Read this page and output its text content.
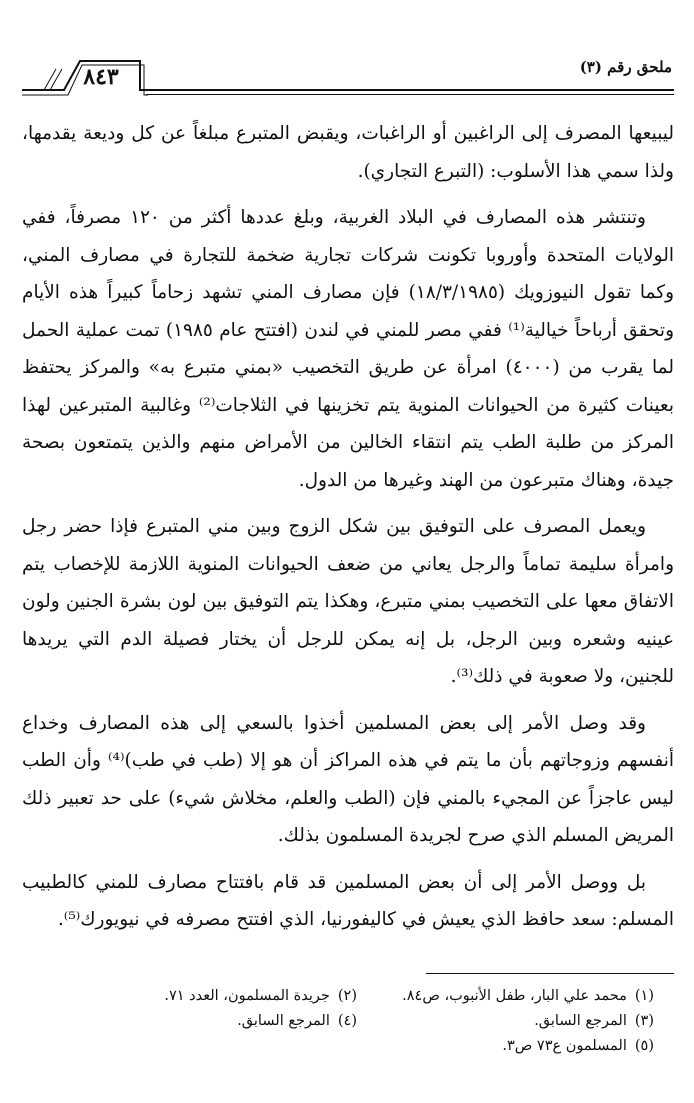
ملحق رقم (٣)
٨٤٣

ليبيعها المصرف إلى الراغبين أو الراغبات، ويقبض المتبرع مبلغاً عن كل وديعة يقدمها، ولذا سمي هذا الأسلوب: (التبرع التجاري).

وتنتشر هذه المصارف في البلاد الغربية، وبلغ عددها أكثر من ١٢٠ مصرفاً، ففي الولايات المتحدة وأوروبا تكونت شركات تجارية ضخمة للتجارة في مصارف المني، وكما تقول النيوزويك (١٨/٣/١٩٨٥) فإن مصارف المني تشهد زحاماً كبيراً هذه الأيام وتحقق أرباحاً خيالية⁽¹⁾ ففي مصر للمني في لندن (افتتح عام ١٩٨٥) تمت عملية الحمل لما يقرب من (٤٠٠٠) امرأة عن طريق التخصيب «بمني متبرع به» والمركز يحتفظ بعينات كثيرة من الحيوانات المنوية يتم تخزينها في الثلاجات⁽²⁾ وغالبية المتبرعين لهذا المركز من طلبة الطب يتم انتقاء الخالين من الأمراض منهم والذين يتمتعون بصحة جيدة، وهناك متبرعون من الهند وغيرها من الدول.

ويعمل المصرف على التوفيق بين شكل الزوج وبين مني المتبرع فإذا حضر رجل وامرأة سليمة تماماً والرجل يعاني من ضعف الحيوانات المنوية اللازمة للإخصاب يتم الاتفاق معها على التخصيب بمني متبرع، وهكذا يتم التوفيق بين لون بشرة الجنين ولون عينيه وشعره وبين الرجل، بل إنه يمكن للرجل أن يختار فصيلة الدم التي يريدها للجنين، ولا صعوبة في ذلك⁽³⁾.

وقد وصل الأمر إلى بعض المسلمين أخذوا بالسعي إلى هذه المصارف وخداع أنفسهم وزوجاتهم بأن ما يتم في هذه المراكز أن هو إلا (طب في طب)⁽⁴⁾ وأن الطب ليس عاجزاً عن المجيء بالمني فإن (الطب والعلم، مخلاش شيء) على حد تعبير ذلك المريض المسلم الذي صرح لجريدة المسلمون بذلك.

بل ووصل الأمر إلى أن بعض المسلمين قد قام بافتتاح مصارف للمني كالطبيب المسلم: سعد حافظ الذي يعيش في كاليفورنيا، الذي افتتح مصرفه في نيويورك⁽⁵⁾.

(١)محمد علي البار، طفل الأنبوب، ص٨٤.
(٢)جريدة المسلمون، العدد ٧١.
(٣)المرجع السابق.
(٤)المرجع السابق.
(٥)المسلمون ع٧٣ ص٣.
